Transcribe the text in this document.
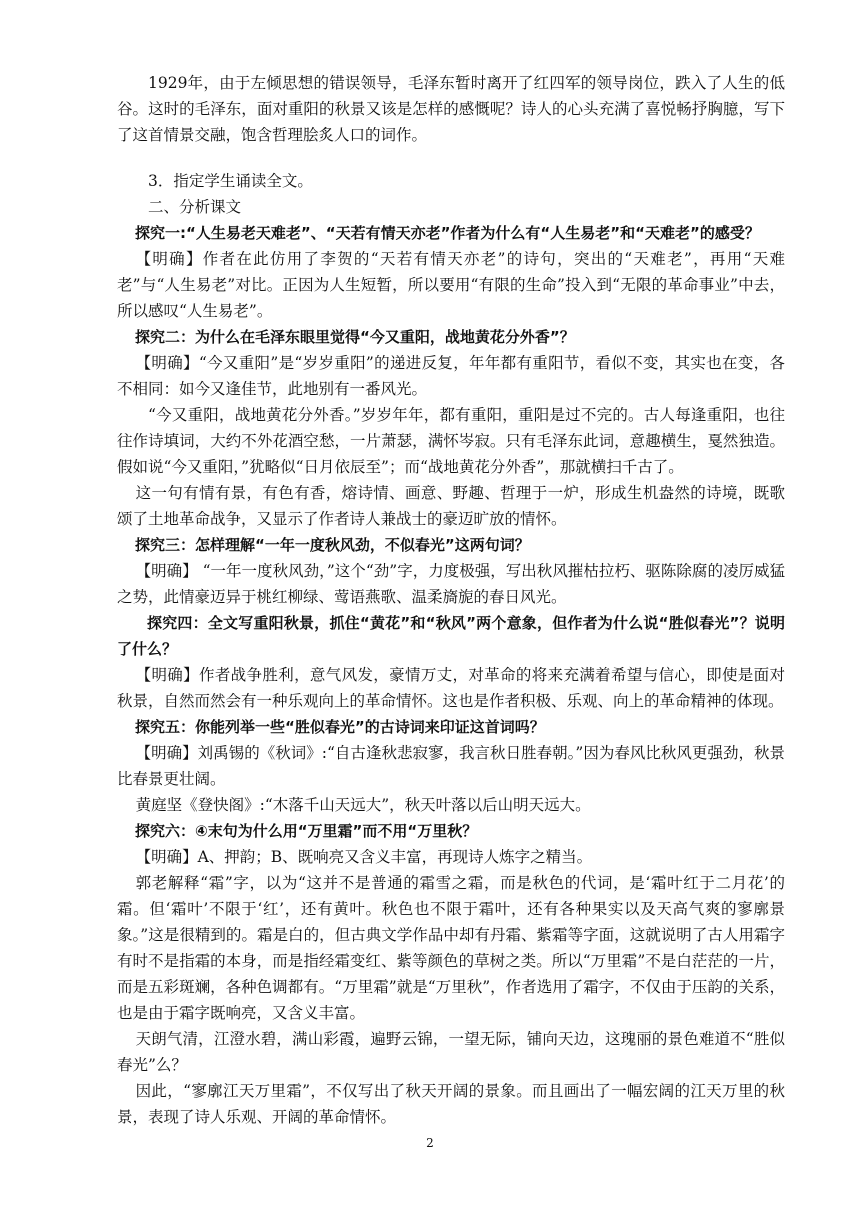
1929年，由于左倾思想的错误领导，毛泽东暂时离开了红四军的领导岗位，跌入了人生的低谷。这时的毛泽东，面对重阳的秋景又该是怎样的感慨呢？诗人的心头充满了喜悦畅抒胸臆，写下了这首情景交融，饱含哲理脍炙人口的词作。

3．指定学生诵读全文。

二、分析课文

探究一:“人生易老天难老”、“天若有情天亦老”作者为什么有“人生易老”和“天难老”的感受？

【明确】作者在此仿用了李贺的“天若有情天亦老”的诗句，突出的“天难老”，再用“天难老”与“人生易老”对比。正因为人生短暂，所以要用“有限的生命”投入到“无限的革命事业”中去，所以感叹“人生易老”。

探究二：为什么在毛泽东眼里觉得“今又重阳，战地黄花分外香”？

【明确】“今又重阳”是“岁岁重阳”的递进反复，年年都有重阳节，看似不变，其实也在变，各不相同：如今又逢佳节，此地别有一番风光。

“今又重阳，战地黄花分外香。”岁岁年年，都有重阳，重阳是过不完的。古人每逢重阳，也往往作诗填词，大约不外花酒空愁，一片萧瑟，满怀岑寂。只有毛泽东此词，意趣横生，戛然独造。假如说“今又重阳，”犹略似“日月依辰至”；而“战地黄花分外香”，那就横扫千古了。

这一句有情有景，有色有香，熔诗情、画意、野趣、哲理于一炉，形成生机盎然的诗境，既歌颂了土地革命战争，又显示了作者诗人兼战士的豪迈旷放的情怀。

探究三：怎样理解“一年一度秋风劲，不似春光”这两句词？

【明确】 “一年一度秋风劲，”这个“劲”字，力度极强，写出秋风摧枯拉朽、驱陈除腐的凌厉威猛之势，此情豪迈异于桃红柳绿、莺语燕歌、温柔旖旎的春日风光。

探究四：全文写重阳秋景，抓住“黄花”和“秋风”两个意象，但作者为什么说“胜似春光”？说明了什么？

【明确】作者战争胜利，意气风发，豪情万丈，对革命的将来充满着希望与信心，即使是面对秋景，自然而然会有一种乐观向上的革命情怀。这也是作者积极、乐观、向上的革命精神的体现。

探究五：你能列举一些“胜似春光”的古诗词来印证这首词吗？

【明确】刘禹锡的《秋词》:“自古逢秋悲寂寥，我言秋日胜春朝。”因为春风比秋风更强劲，秋景比春景更壮阔。

黄庭坚《登快阁》:“木落千山天远大”，秋天叶落以后山明天远大。

探究六：④末句为什么用“万里霜”而不用“万里秋？

【明确】A、押韵；B、既响亮又含义丰富，再现诗人炼字之精当。

郭老解释“霜”字，以为“这并不是普通的霜雪之霜，而是秋色的代词，是‘霜叶红于二月花’的霜。但‘霜叶’不限于‘红’，还有黄叶。秋色也不限于霜叶，还有各种果实以及天高气爽的寥廓景象。”这是很精到的。霜是白的，但古典文学作品中却有丹霜、紫霜等字面，这就说明了古人用霜字有时不是指霜的本身，而是指经霜变红、紫等颜色的草树之类。所以“万里霜”不是白茫茫的一片，而是五彩斑斓，各种色调都有。“万里霜”就是“万里秋”，作者选用了霜字，不仅由于压韵的关系，也是由于霜字既响亮，又含义丰富。

天朗气清，江澄水碧，满山彩霞，遍野云锦，一望无际，铺向天边，这瑰丽的景色难道不“胜似春光”么？

因此，“寥廓江天万里霜”，不仅写出了秋天开阔的景象。而且画出了一幅宏阔的江天万里的秋景，表现了诗人乐观、开阔的革命情怀。

2
